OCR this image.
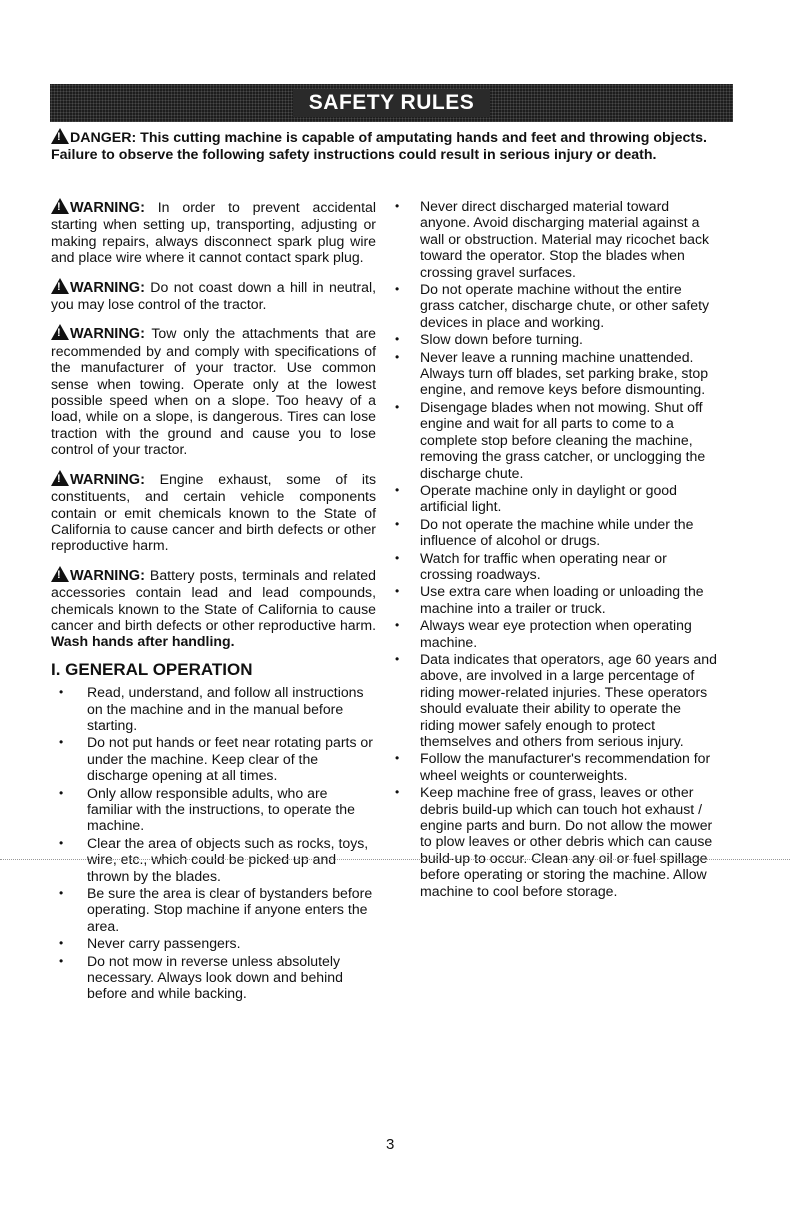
SAFETY RULES
!DANGER: This cutting machine is capable of amputating hands and feet and throwing objects. Failure to observe the following safety instructions could result in serious injury or death.

!WARNING: In order to prevent accidental starting when setting up, transporting, adjusting or making repairs, always disconnect spark plug wire and place wire where it cannot contact spark plug.

!WARNING: Do not coast down a hill in neutral, you may lose control of the tractor.

!WARNING: Tow only the attachments that are recommended by and comply with specifications of the manufacturer of your tractor. Use common sense when towing. Operate only at the lowest possible speed when on a slope. Too heavy of a load, while on a slope, is dangerous. Tires can lose traction with the ground and cause you to lose control of your tractor.

!WARNING: Engine exhaust, some of its constituents, and certain vehicle components contain or emit chemicals known to the State of California to cause cancer and birth defects or other reproductive harm.

!WARNING: Battery posts, terminals and related accessories contain lead and lead compounds, chemicals known to the State of California to cause cancer and birth defects or other reproductive harm. Wash hands after handling.

I. GENERAL OPERATION
• Read, understand, and follow all instructions on the machine and in the manual before starting.
• Do not put hands or feet near rotating parts or under the machine. Keep clear of the discharge opening at all times.
• Only allow responsible adults, who are familiar with the instructions, to operate the machine.
• Clear the area of objects such as rocks, toys, wire, etc., which could be picked up and thrown by the blades.
• Be sure the area is clear of bystanders before operating. Stop machine if anyone enters the area.
• Never carry passengers.
• Do not mow in reverse unless absolutely necessary. Always look down and behind before and while backing.
• Never direct discharged material toward anyone. Avoid discharging material against a wall or obstruction. Material may ricochet back toward the operator. Stop the blades when crossing gravel surfaces.
• Do not operate machine without the entire grass catcher, discharge chute, or other safety devices in place and working.
• Slow down before turning.
• Never leave a running machine unattended. Always turn off blades, set parking brake, stop engine, and remove keys before dismounting.
• Disengage blades when not mowing. Shut off engine and wait for all parts to come to a complete stop before cleaning the machine, removing the grass catcher, or unclogging the discharge chute.
• Operate machine only in daylight or good artificial light.
• Do not operate the machine while under the influence of alcohol or drugs.
• Watch for traffic when operating near or crossing roadways.
• Use extra care when loading or unloading the machine into a trailer or truck.
• Always wear eye protection when operating machine.
• Data indicates that operators, age 60 years and above, are involved in a large percentage of riding mower-related injuries. These operators should evaluate their ability to operate the riding mower safely enough to protect themselves and others from serious injury.
• Follow the manufacturer's recommendation for wheel weights or counterweights.
• Keep machine free of grass, leaves or other debris build-up which can touch hot exhaust / engine parts and burn. Do not allow the mower to plow leaves or other debris which can cause build-up to occur. Clean any oil or fuel spillage before operating or storing the machine. Allow machine to cool before storage.
3
